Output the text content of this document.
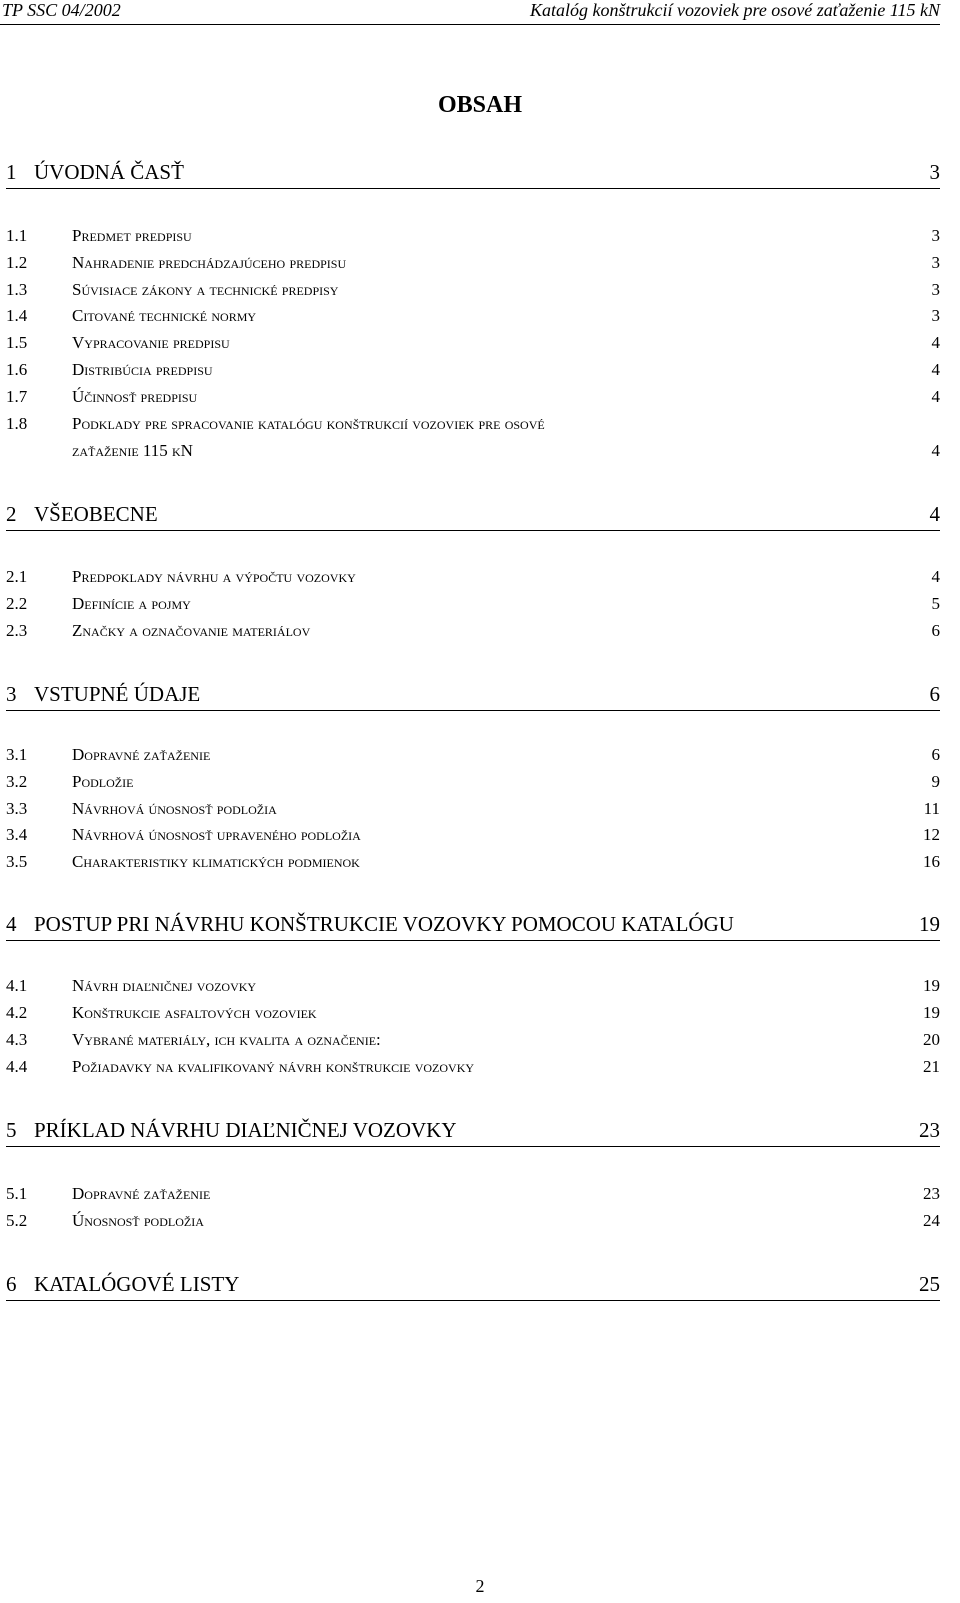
TP SSC 04/2002	Katalóg konštrukcií vozoviek pre osové zaťaženie 115 kN
OBSAH
1 ÚVODNÁ ČASŤ	3
1.1	Predmet predpisu	3
1.2	Nahradenie predchádzajúceho predpisu	3
1.3	Súvisiace zákony a technické predpisy	3
1.4	Citované technické normy	3
1.5	Vypracovanie predpisu	4
1.6	Distribúcia predpisu	4
1.7	Účinnosť predpisu	4
1.8	Podklady pre spracovanie katalógu konštrukcií vozoviek pre osové
zaťaženie 115 kN	4
2 VŠEOBECNE	4
2.1	Predpoklady návrhu a výpočtu vozovky	4
2.2	Definície a pojmy	5
2.3	Značky a označovanie materiálov	6
3 VSTUPNÉ ÚDAJE	6
3.1	Dopravné zaťaženie	6
3.2	Podložie	9
3.3	Návrhová únosnosť podložia	11
3.4	Návrhová únosnosť upraveného podložia	12
3.5	Charakteristiky klimatických podmienok	16
4 POSTUP PRI NÁVRHU KONŠTRUKCIE VOZOVKY POMOCOU KATALÓGU	19
4.1	Návrh diaľničnej vozovky	19
4.2	Konštrukcie asfaltových vozoviek	19
4.3	Vybrané materiály, ich kvalita a označenie:	20
4.4	Požiadavky na kvalifikovaný návrh konštrukcie vozovky	21
5 PRÍKLAD NÁVRHU DIAĽNIČNEJ VOZOVKY	23
5.1	Dopravné zaťaženie	23
5.2	Únosnosť podložia	24
6 KATALÓGOVÉ LISTY	25
2
